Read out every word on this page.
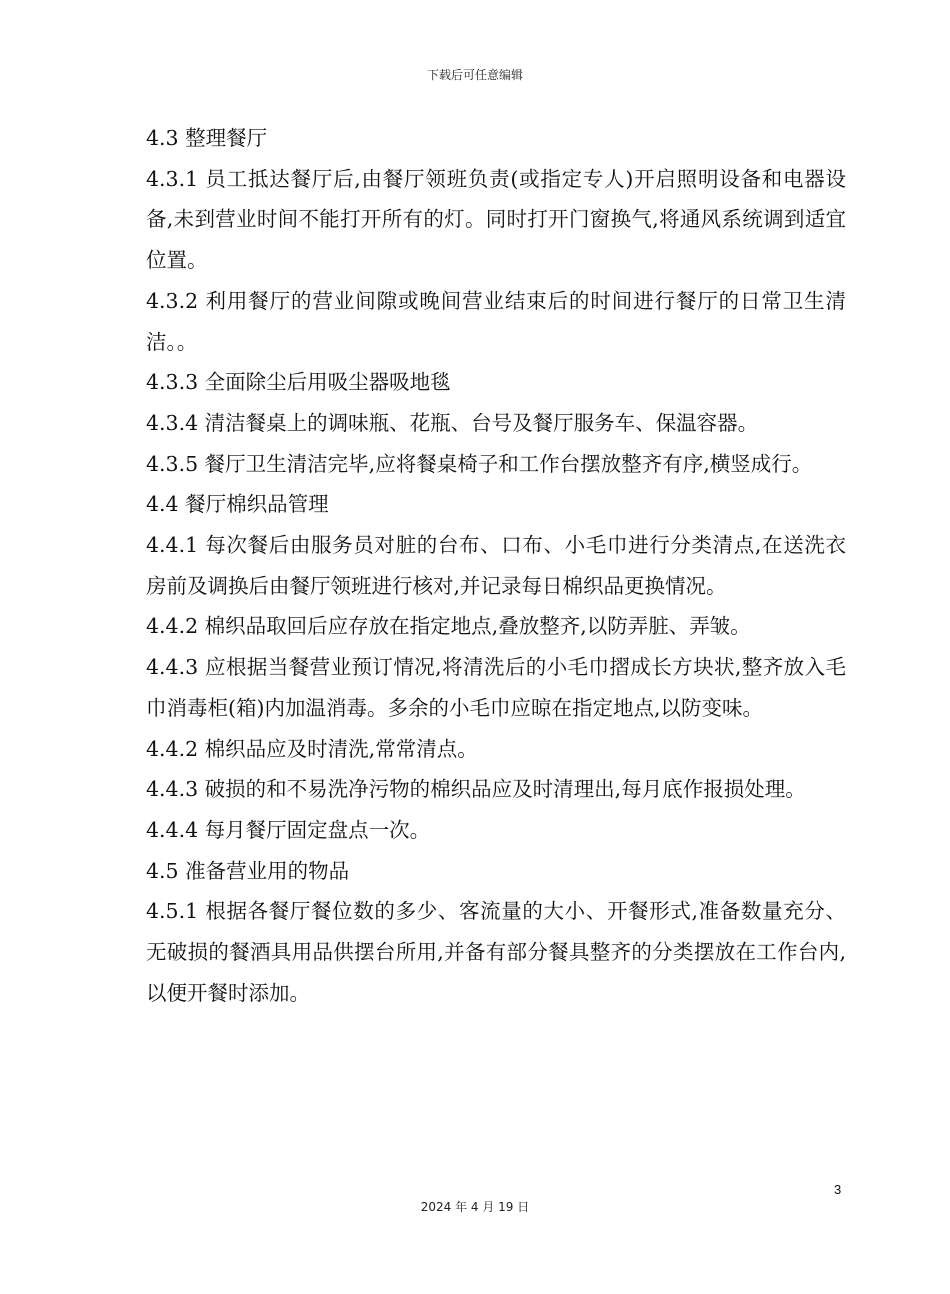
下载后可任意编辑

4.3 整理餐厅

4.3.1 员工抵达餐厅后,由餐厅领班负责(或指定专人)开启照明设备和电器设备,未到营业时间不能打开所有的灯。同时打开门窗换气,将通风系统调到适宜位置。

4.3.2 利用餐厅的营业间隙或晚间营业结束后的时间进行餐厅的日常卫生清洁。。

4.3.3 全面除尘后用吸尘器吸地毯

4.3.4 清洁餐桌上的调味瓶、花瓶、台号及餐厅服务车、保温容器。

4.3.5 餐厅卫生清洁完毕,应将餐桌椅子和工作台摆放整齐有序,横竖成行。

4.4 餐厅棉织品管理

4.4.1 每次餐后由服务员对脏的台布、口布、小毛巾进行分类清点,在送洗衣房前及调换后由餐厅领班进行核对,并记录每日棉织品更换情况。

4.4.2 棉织品取回后应存放在指定地点,叠放整齐,以防弄脏、弄皱。

4.4.3 应根据当餐营业预订情况,将清洗后的小毛巾摺成长方块状,整齐放入毛巾消毒柜(箱)内加温消毒。多余的小毛巾应晾在指定地点,以防变味。

4.4.2 棉织品应及时清洗,常常清点。

4.4.3 破损的和不易洗净污物的棉织品应及时清理出,每月底作报损处理。

4.4.4 每月餐厅固定盘点一次。

4.5 准备营业用的物品

4.5.1 根据各餐厅餐位数的多少、客流量的大小、开餐形式,准备数量充分、无破损的餐酒具用品供摆台所用,并备有部分餐具整齐的分类摆放在工作台内,以便开餐时添加。

3
2024 年 4 月 19 日
